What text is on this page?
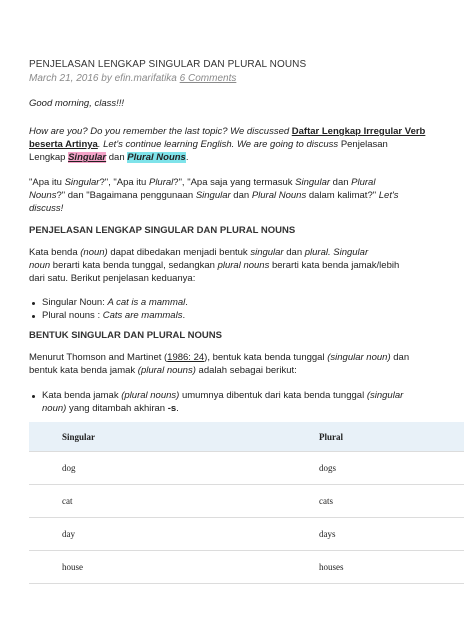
PENJELASAN LENGKAP SINGULAR DAN PLURAL NOUNS
March 21, 2016 by efin.marifatika 6 Comments
Good morning, class!!!
How are you? Do you remember the last topic? We discussed Daftar Lengkap Irregular Verb
beserta Artinya. Let's continue learning English. We are going to discuss Penjelasan
Lengkap Singular dan Plural Nouns.
"Apa itu Singular?", "Apa itu Plural?", "Apa saja yang termasuk Singular dan Plural
Nouns?" dan "Bagaimana penggunaan Singular dan Plural Nouns dalam kalimat?" Let's
discuss!
PENJELASAN LENGKAP SINGULAR DAN PLURAL NOUNS
Kata benda (noun) dapat dibedakan menjadi bentuk singular dan plural. Singular
noun berarti kata benda tunggal, sedangkan plural nouns berarti kata benda jamak/lebih
dari satu. Berikut penjelasan keduanya:
Singular Noun: A cat is a mammal.
Plural nouns : Cats are mammals.
BENTUK SINGULAR DAN PLURAL NOUNS
Menurut Thomson and Martinet (1986: 24), bentuk kata benda tunggal (singular noun) dan
bentuk kata benda jamak (plural nouns) adalah sebagai berikut:
Kata benda jamak (plural nouns) umumnya dibentuk dari kata benda tunggal (singular
noun) yang ditambah akhiran -s.
Singular	Plural
dog	dogs
cat	cats
day	days
house	houses
